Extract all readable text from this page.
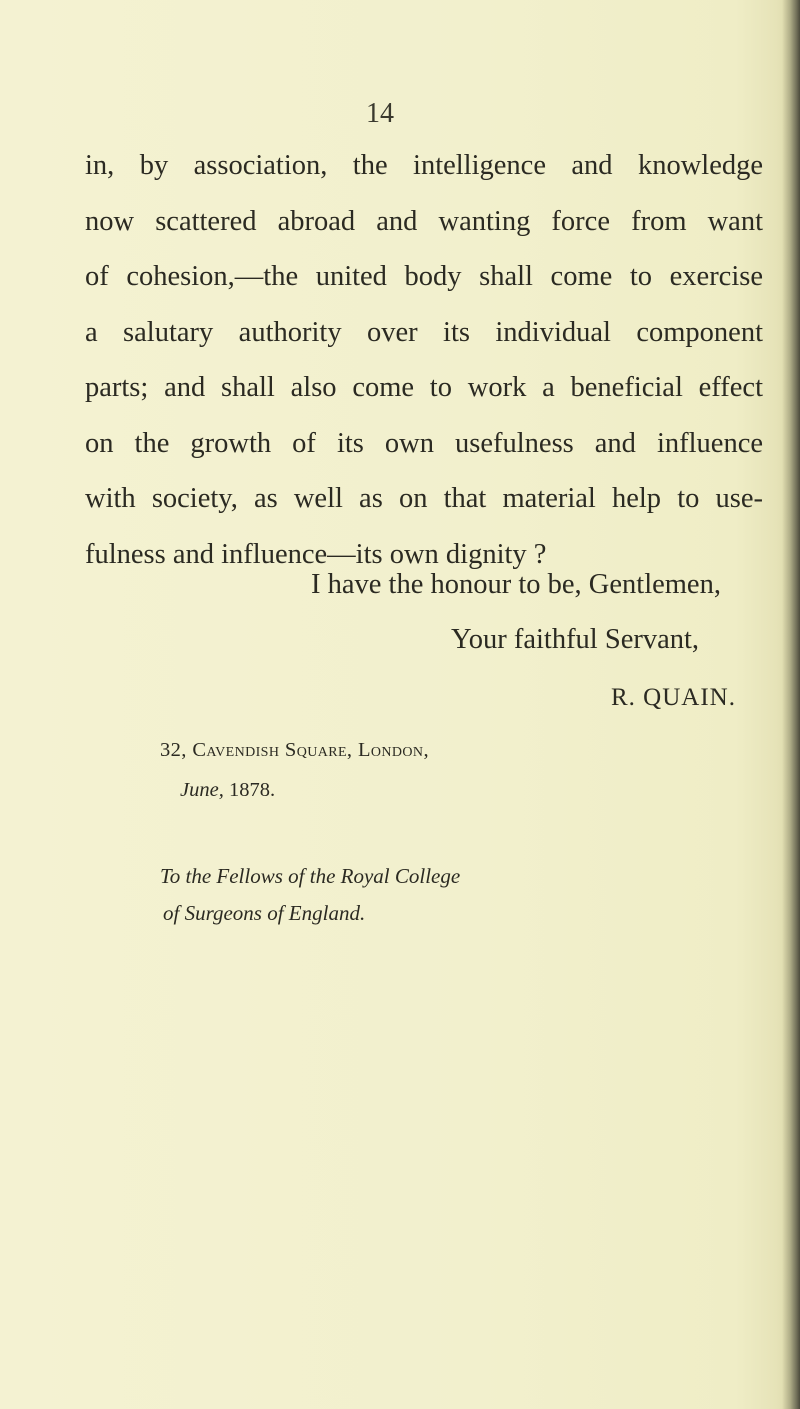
14
in, by association, the intelligence and knowledge
now scattered abroad and wanting force from want
of cohesion,—the united body shall come to exercise
a salutary authority over its individual component
parts; and shall also come to work a beneficial effect
on the growth of its own usefulness and influence
with society, as well as on that material help to use-
fulness and influence—its own dignity ?
I have the honour to be, Gentlemen,
Your faithful Servant,
R. QUAIN.
32, Cavendish Square, London,
June, 1878.
To the Fellows of the Royal College
of Surgeons of England.
